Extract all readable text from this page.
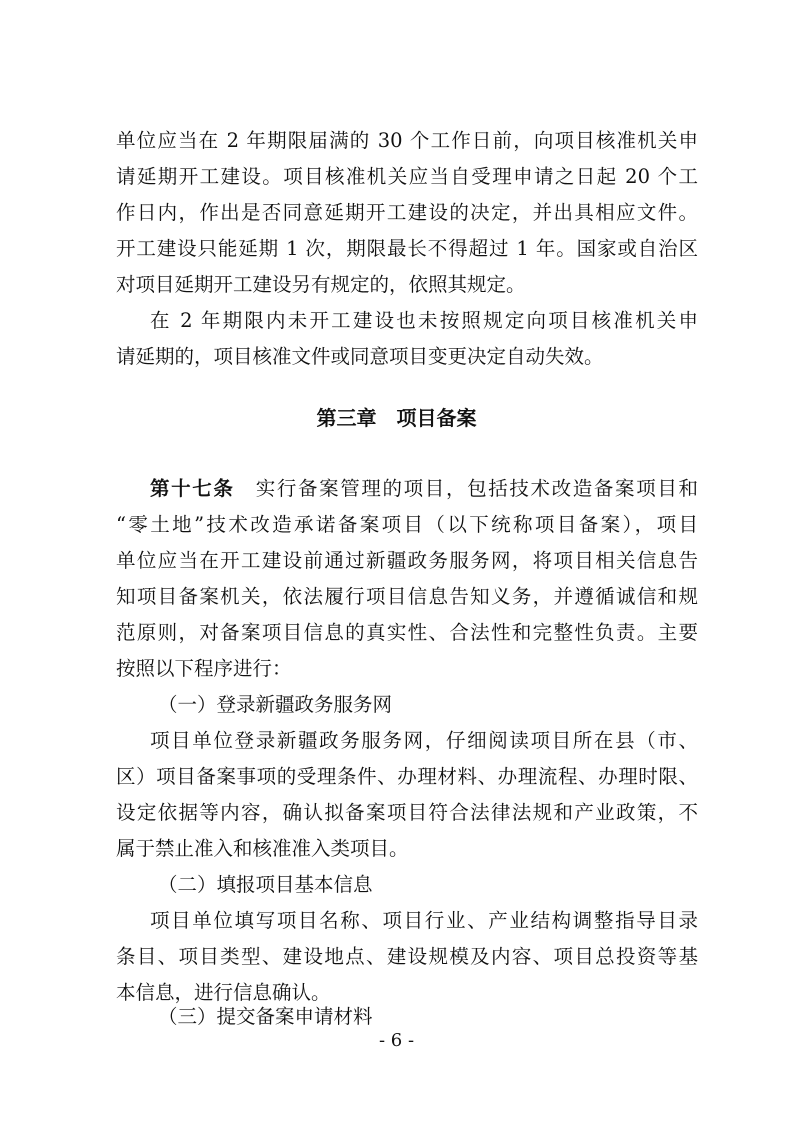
单位应当在 2 年期限届满的 30 个工作日前，向项目核准机关申
请延期开工建设。项目核准机关应当自受理申请之日起 20 个工
作日内，作出是否同意延期开工建设的决定，并出具相应文件。
开工建设只能延期 1 次，期限最长不得超过 1 年。国家或自治区
对项目延期开工建设另有规定的，依照其规定。
在 2 年期限内未开工建设也未按照规定向项目核准机关申
请延期的，项目核准文件或同意项目变更决定自动失效。
第三章　项目备案
第十七条　实行备案管理的项目，包括技术改造备案项目和
“零土地”技术改造承诺备案项目（以下统称项目备案），项目
单位应当在开工建设前通过新疆政务服务网，将项目相关信息告
知项目备案机关，依法履行项目信息告知义务，并遵循诚信和规
范原则，对备案项目信息的真实性、合法性和完整性负责。主要
按照以下程序进行：
（一）登录新疆政务服务网
项目单位登录新疆政务服务网，仔细阅读项目所在县（市、
区）项目备案事项的受理条件、办理材料、办理流程、办理时限、
设定依据等内容，确认拟备案项目符合法律法规和产业政策，不
属于禁止准入和核准准入类项目。
（二）填报项目基本信息
项目单位填写项目名称、项目行业、产业结构调整指导目录
条目、项目类型、建设地点、建设规模及内容、项目总投资等基
本信息，进行信息确认。
（三）提交备案申请材料
- 6 -
